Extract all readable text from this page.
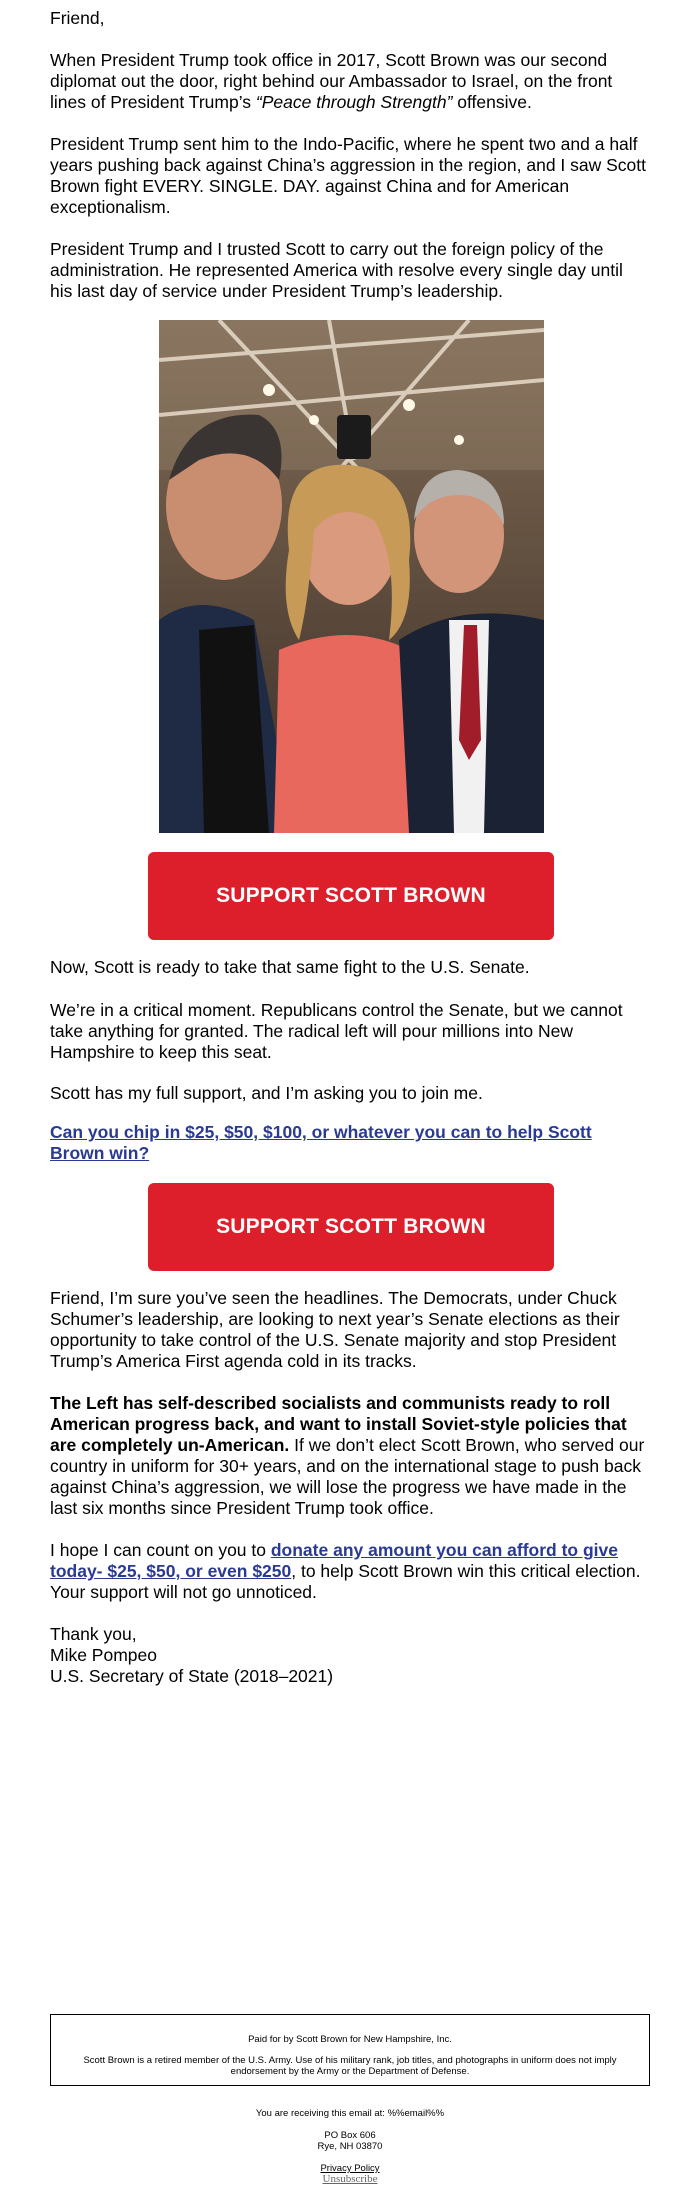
Friend,

When President Trump took office in 2017, Scott Brown was our second diplomat out the door, right behind our Ambassador to Israel, on the front lines of President Trump’s “Peace through Strength” offensive.

President Trump sent him to the Indo-Pacific, where he spent two and a half years pushing back against China’s aggression in the region, and I saw Scott Brown fight EVERY. SINGLE. DAY. against China and for American exceptionalism.

President Trump and I trusted Scott to carry out the foreign policy of the administration. He represented America with resolve every single day until his last day of service under President Trump’s leadership.

SUPPORT SCOTT BROWN

Now, Scott is ready to take that same fight to the U.S. Senate.

We’re in a critical moment. Republicans control the Senate, but we cannot take anything for granted. The radical left will pour millions into New Hampshire to keep this seat.

Scott has my full support, and I’m asking you to join me.

Can you chip in $25, $50, $100, or whatever you can to help Scott Brown win?

SUPPORT SCOTT BROWN

Friend, I’m sure you’ve seen the headlines. The Democrats, under Chuck Schumer’s leadership, are looking to next year’s Senate elections as their opportunity to take control of the U.S. Senate majority and stop President Trump’s America First agenda cold in its tracks.

The Left has self-described socialists and communists ready to roll American progress back, and want to install Soviet-style policies that are completely un-American. If we don’t elect Scott Brown, who served our country in uniform for 30+ years, and on the international stage to push back against China’s aggression, we will lose the progress we have made in the last six months since President Trump took office.

I hope I can count on you to donate any amount you can afford to give today- $25, $50, or even $250, to help Scott Brown win this critical election. Your support will not go unnoticed.

Thank you,
Mike Pompeo
U.S. Secretary of State (2018–2021)

Paid for by Scott Brown for New Hampshire, Inc.
Scott Brown is a retired member of the U.S. Army. Use of his military rank, job titles, and photographs in uniform does not imply endorsement by the Army or the Department of Defense.
You are receiving this email at: %%email%%
PO Box 606
Rye, NH 03870
Privacy Policy
Unsubscribe
